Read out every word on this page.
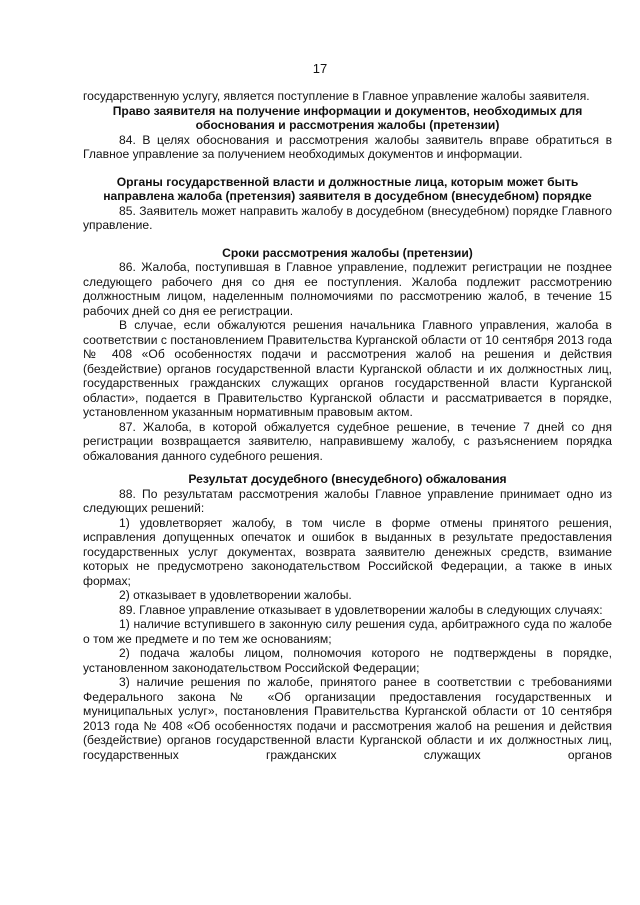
17

государственную услугу, является поступление в Главное управление жалобы заявителя.

Право заявителя на получение информации и документов, необходимых для обоснования и рассмотрения жалобы (претензии)

84. В целях обоснования и рассмотрения жалобы заявитель вправе обратиться в Главное управление за получением необходимых документов и информации.

Органы государственной власти и должностные лица, которым может быть направлена жалоба (претензия) заявителя в досудебном (внесудебном) порядке

85. Заявитель может направить жалобу в досудебном (внесудебном) порядке Главного управление.

Сроки рассмотрения жалобы (претензии)

86. Жалоба, поступившая в Главное управление, подлежит регистрации не позднее следующего рабочего дня со дня ее поступления. Жалоба подлежит рассмотрению должностным лицом, наделенным полномочиями по рассмотрению жалоб, в течение 15 рабочих дней со дня ее регистрации.

В случае, если обжалуются решения начальника Главного управления, жалоба в соответствии с постановлением Правительства Курганской области от 10 сентября 2013 года № 408 «Об особенностях подачи и рассмотрения жалоб на решения и действия (бездействие) органов государственной власти Курганской области и их должностных лиц, государственных гражданских служащих органов государственной власти Курганской области», подается в Правительство Курганской области и рассматривается в порядке, установленном указанным нормативным правовым актом.

87. Жалоба, в которой обжалуется судебное решение, в течение 7 дней со дня регистрации возвращается заявителю, направившему жалобу, с разъяснением порядка обжалования данного судебного решения.

Результат досудебного (внесудебного) обжалования

88. По результатам рассмотрения жалобы Главное управление принимает одно из следующих решений:

1) удовлетворяет жалобу, в том числе в форме отмены принятого решения, исправления допущенных опечаток и ошибок в выданных в результате предоставления государственных услуг документах, возврата заявителю денежных средств, взимание которых не предусмотрено законодательством Российской Федерации, а также в иных формах;

2) отказывает в удовлетворении жалобы.

89. Главное управление отказывает в удовлетворении жалобы в следующих случаях:

1) наличие вступившего в законную силу решения суда, арбитражного суда по жалобе о том же предмете и по тем же основаниям;

2) подача жалобы лицом, полномочия которого не подтверждены в порядке, установленном законодательством Российской Федерации;

3) наличие решения по жалобе, принятого ранее в соответствии с требованиями Федерального закона № «Об организации предоставления государственных и муниципальных услуг», постановления Правительства Курганской области от 10 сентября 2013 года № 408 «Об особенностях подачи и рассмотрения жалоб на решения и действия (бездействие) органов государственной власти Курганской области и их должностных лиц, государственных гражданских служащих органов
